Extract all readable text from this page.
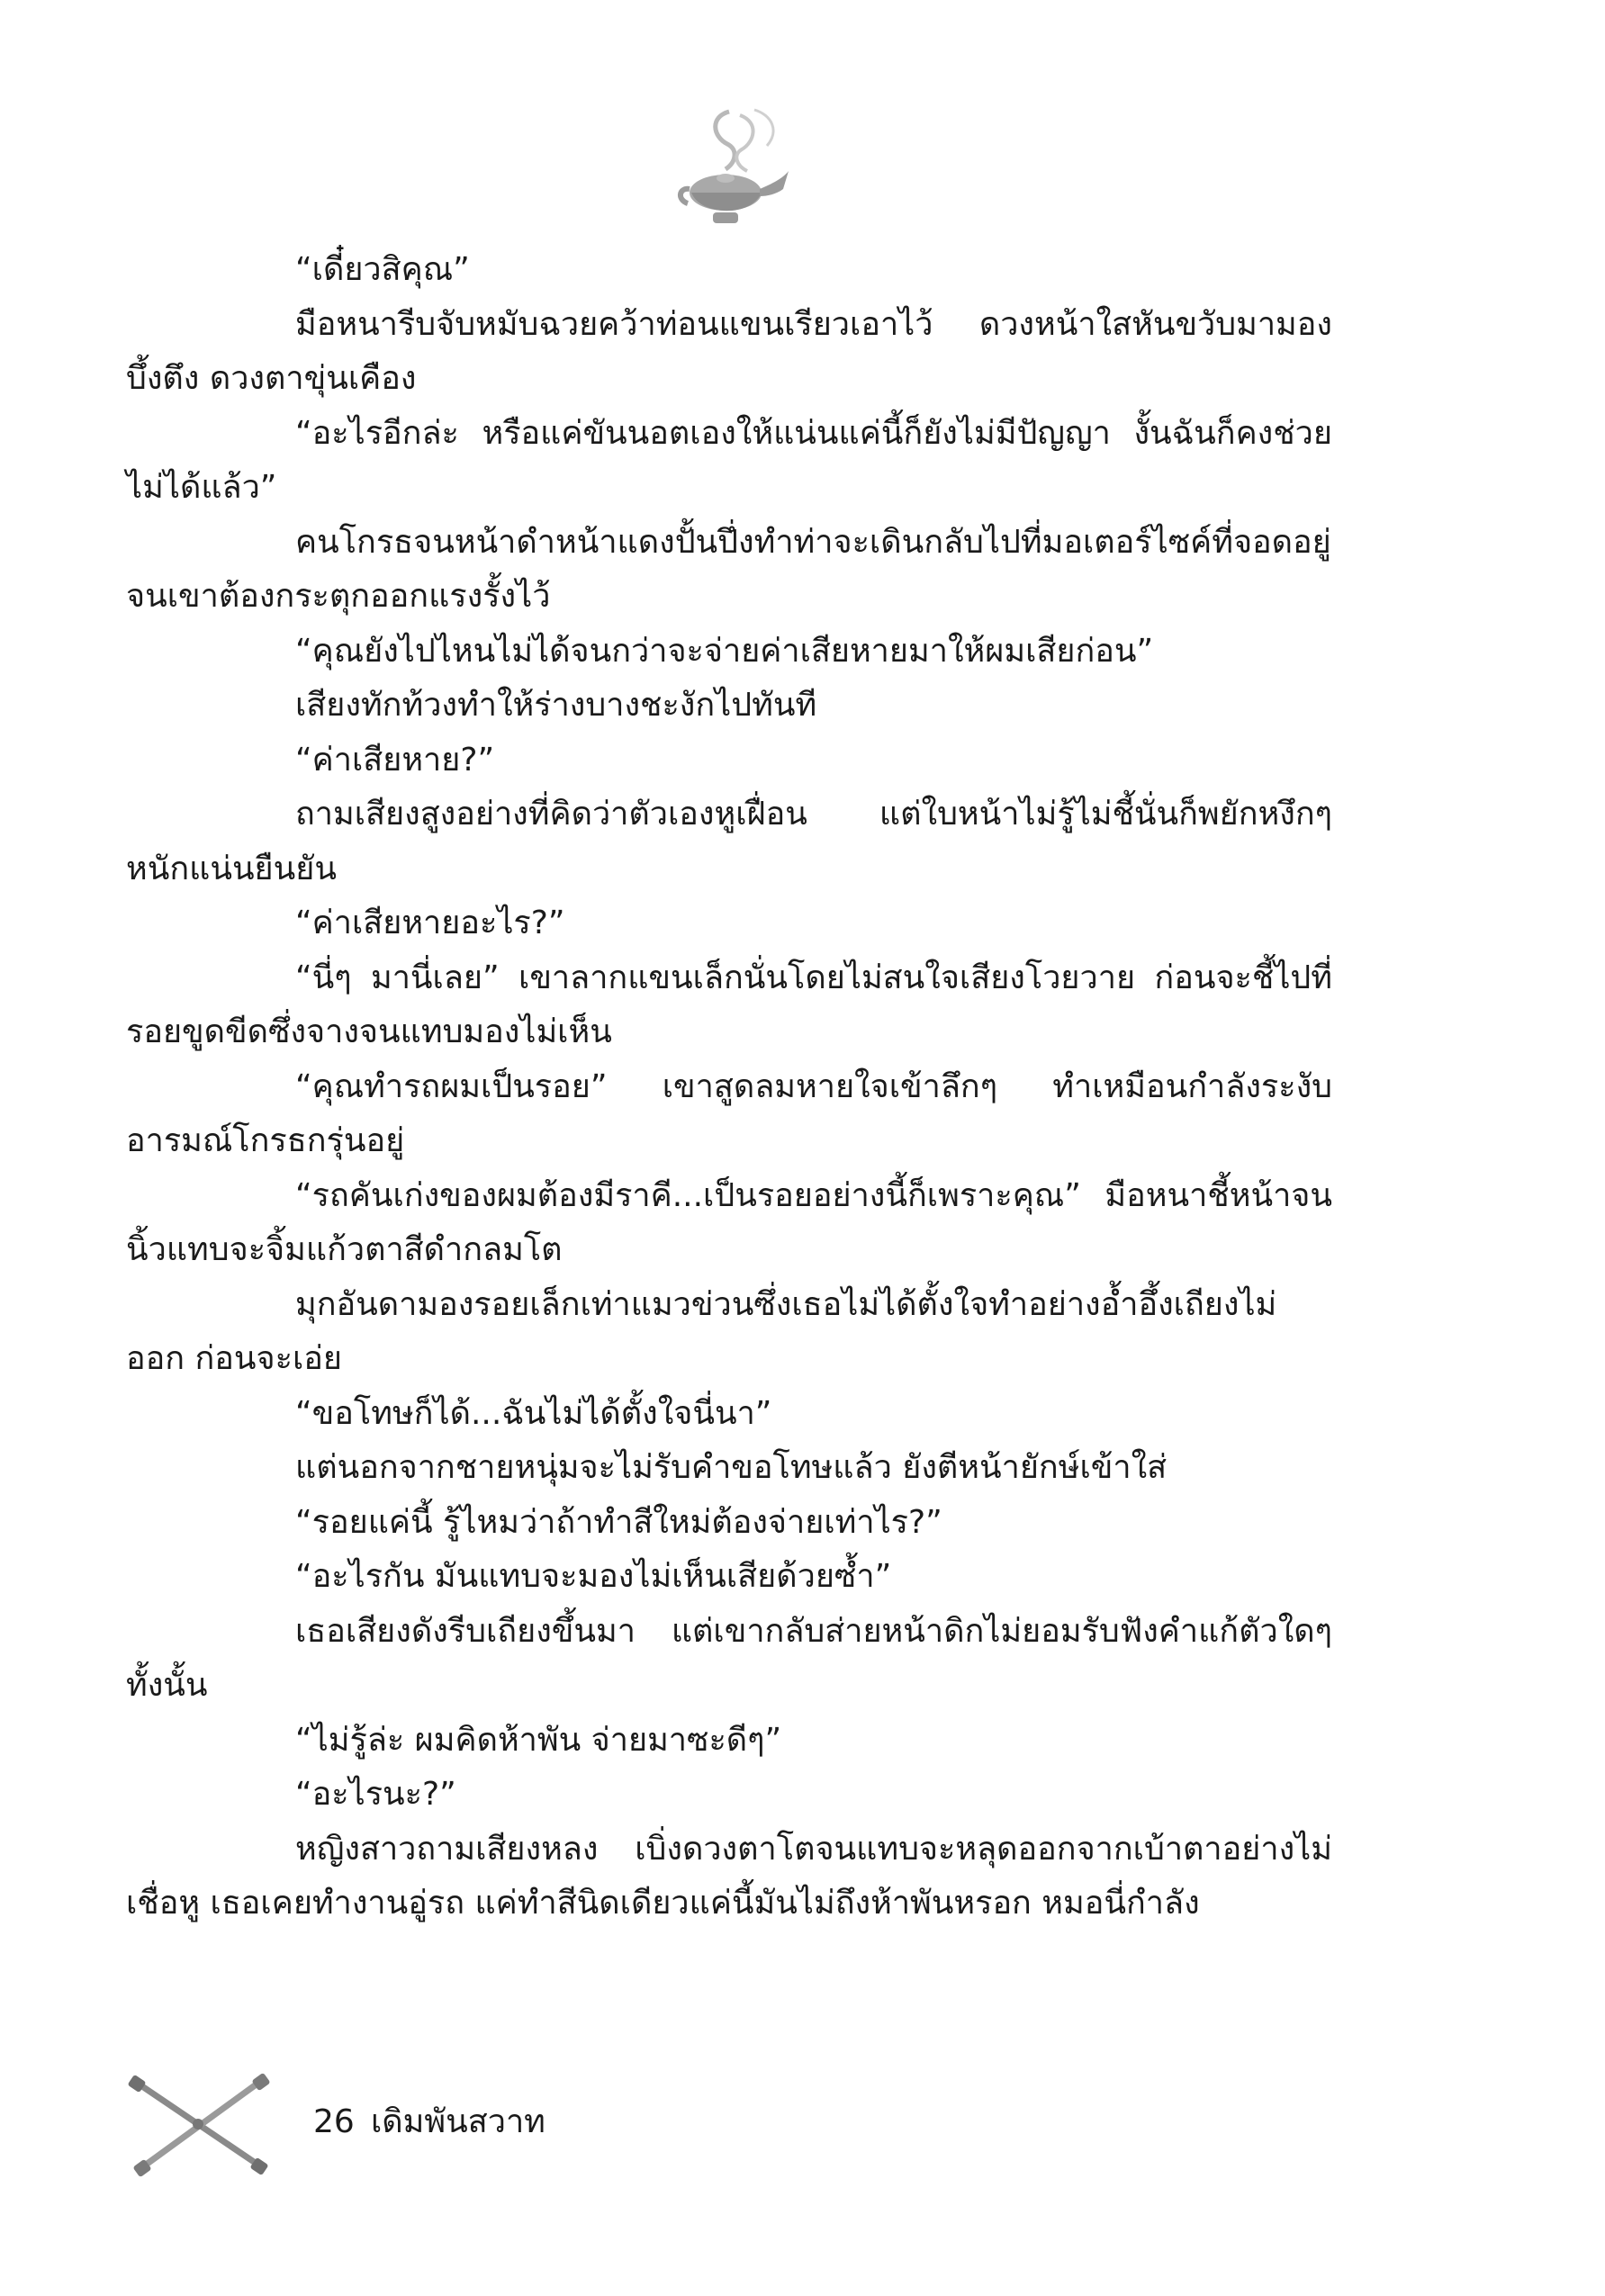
“เดี๋ยวสิคุณ”

มือหนารีบจับหมับฉวยคว้าท่อนแขนเรียวเอาไว้ ดวงหน้าใสหันขวับมามองบึ้งตึง ดวงตาขุ่นเคือง

“อะไรอีกล่ะ หรือแค่ขันนอตเองให้แน่นแค่นี้ก็ยังไม่มีปัญญา งั้นฉันก็คงช่วยไม่ได้แล้ว”

คนโกรธจนหน้าดำหน้าแดงปั้นปึ่งทำท่าจะเดินกลับไปที่มอเตอร์ไซค์ที่จอดอยู่ จนเขาต้องกระตุกออกแรงรั้งไว้

“คุณยังไปไหนไม่ได้จนกว่าจะจ่ายค่าเสียหายมาให้ผมเสียก่อน”

เสียงทักท้วงทำให้ร่างบางชะงักไปทันที

“ค่าเสียหาย?”

ถามเสียงสูงอย่างที่คิดว่าตัวเองหูเฝื่อน แต่ใบหน้าไม่รู้ไม่ชี้นั่นก็พยักหงึกๆ หนักแน่นยืนยัน

“ค่าเสียหายอะไร?”

“นี่ๆ มานี่เลย” เขาลากแขนเล็กนั่นโดยไม่สนใจเสียงโวยวาย ก่อนจะชี้ไปที่รอยขูดขีดซึ่งจางจนแทบมองไม่เห็น

“คุณทำรถผมเป็นรอย” เขาสูดลมหายใจเข้าลึกๆ ทำเหมือนกำลังระงับอารมณ์โกรธกรุ่นอยู่

“รถคันเก่งของผมต้องมีราคี...เป็นรอยอย่างนี้ก็เพราะคุณ” มือหนาชี้หน้าจนนิ้วแทบจะจิ้มแก้วตาสีดำกลมโต

มุกอันดามองรอยเล็กเท่าแมวข่วนซึ่งเธอไม่ได้ตั้งใจทำอย่างอ้ำอึ้งเถียงไม่ออก ก่อนจะเอ่ย

“ขอโทษก็ได้...ฉันไม่ได้ตั้งใจนี่นา”

แต่นอกจากชายหนุ่มจะไม่รับคำขอโทษแล้ว ยังตีหน้ายักษ์เข้าใส่

“รอยแค่นี้ รู้ไหมว่าถ้าทำสีใหม่ต้องจ่ายเท่าไร?”

“อะไรกัน มันแทบจะมองไม่เห็นเสียด้วยซ้ำ”

เธอเสียงดังรีบเถียงขึ้นมา แต่เขากลับส่ายหน้าดิกไม่ยอมรับฟังคำแก้ตัวใดๆ ทั้งนั้น

“ไม่รู้ล่ะ ผมคิดห้าพัน จ่ายมาซะดีๆ”

“อะไรนะ?”

หญิงสาวถามเสียงหลง เบิ่งดวงตาโตจนแทบจะหลุดออกจากเบ้าตาอย่างไม่เชื่อหู เธอเคยทำงานอู่รถ แค่ทำสีนิดเดียวแค่นี้มันไม่ถึงห้าพันหรอก หมอนี่กำลัง

26 เดิมพันสวาท
